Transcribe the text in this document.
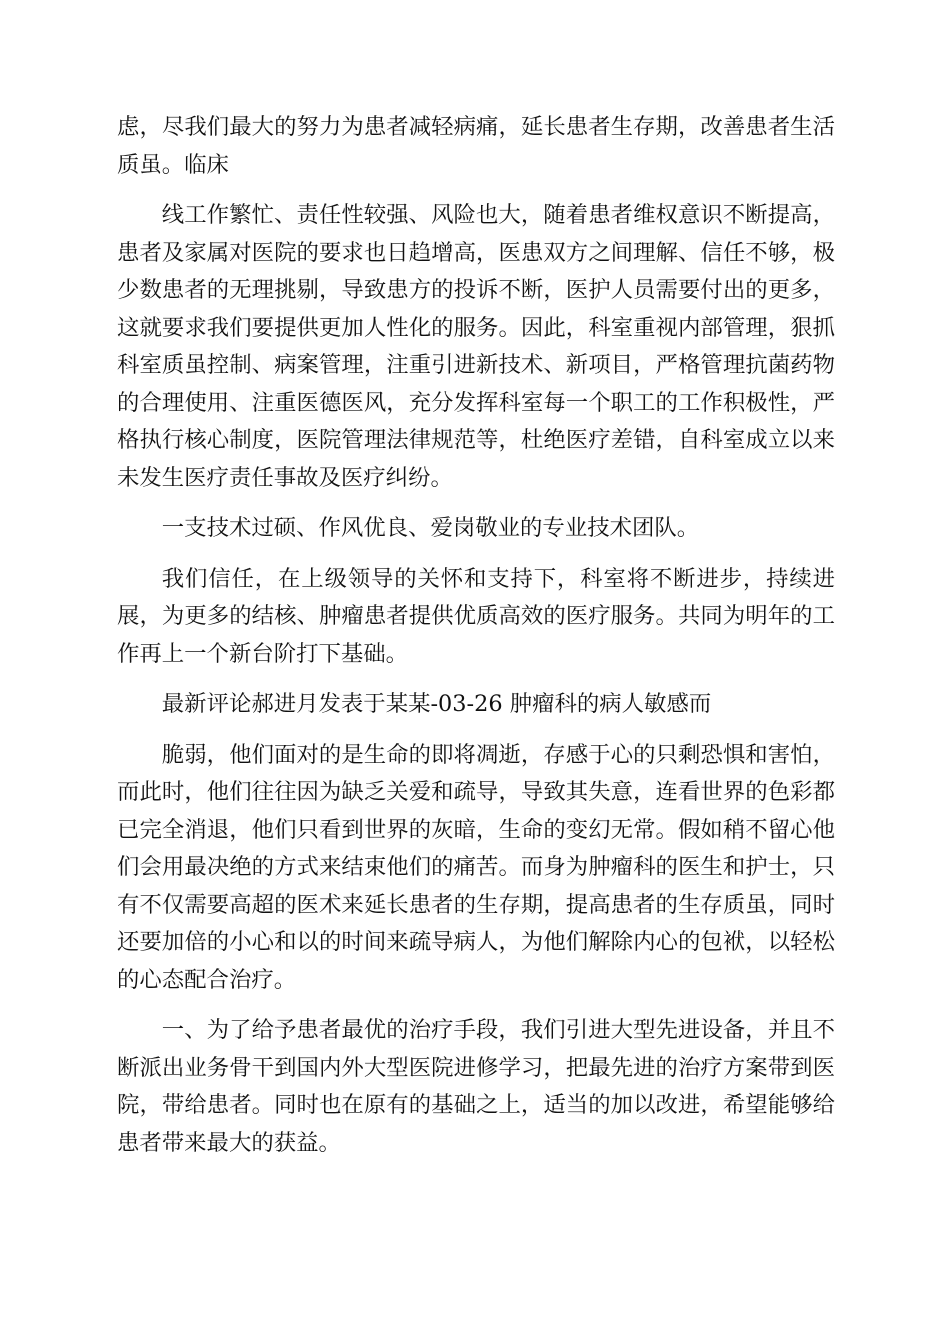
虑，尽我们最大的努力为患者减轻病痛，延长患者生存期，改善患者生活质虽。临床

线工作繁忙、责任性较强、风险也大，随着患者维权意识不断提高，患者及家属对医院的要求也日趋增高，医患双方之间理解、信任不够，极少数患者的无理挑剔，导致患方的投诉不断，医护人员需要付出的更多，这就要求我们要提供更加人性化的服务。因此，科室重视内部管理，狠抓科室质虽控制、病案管理，注重引进新技术、新项目，严格管理抗菌药物的合理使用、注重医德医风，充分发挥科室每一个职工的工作积极性，严格执行核心制度，医院管理法律规范等，杜绝医疗差错，自科室成立以来未发生医疗责任事故及医疗纠纷。

一支技术过硕、作风优良、爱岗敬业的专业技术团队。

我们信任，在上级领导的关怀和支持下，科室将不断进步，持续进展，为更多的结核、肿瘤患者提供优质高效的医疗服务。共同为明年的工作再上一个新台阶打下基础。

最新评论郝进月发表于某某-03-26 肿瘤科的病人敏感而

脆弱，他们面对的是生命的即将凋逝，存感于心的只剩恐惧和害怕，而此时，他们往往因为缺乏关爱和疏导，导致其失意，连看世界的色彩都已完全消退，他们只看到世界的灰暗，生命的变幻无常。假如稍不留心他们会用最决绝的方式来结束他们的痛苦。而身为肿瘤科的医生和护士，只有不仅需要高超的医术来延长患者的生存期，提高患者的生存质虽，同时还要加倍的小心和以的时间来疏导病人，为他们解除内心的包袱，以轻松的心态配合治疗。

一、为了给予患者最优的治疗手段，我们引进大型先进设备，并且不断派出业务骨干到国内外大型医院进修学习，把最先进的治疗方案带到医院，带给患者。同时也在原有的基础之上，适当的加以改进，希望能够给患者带来最大的获益。
